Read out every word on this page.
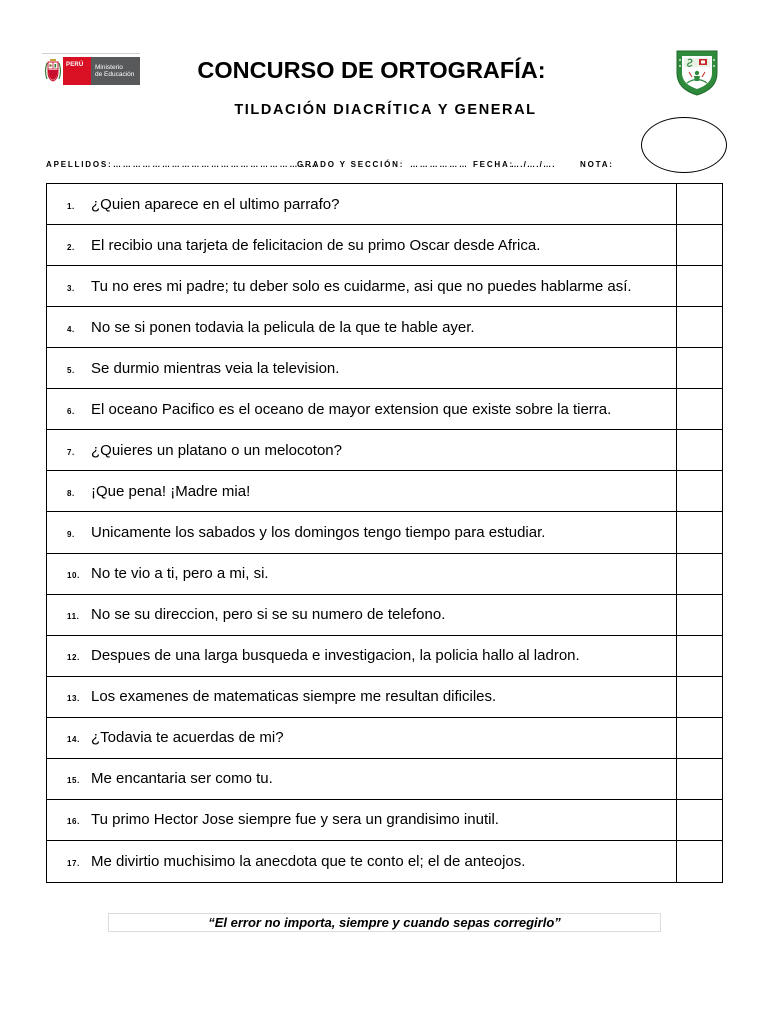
PERÚ Ministerio
de Educación	CONCURSO DE ORTOGRAFÍA:
TILDACIÓN DIACRÍTICA Y GENERAL
APELLIDOS: ………………………………………………………
GRADO Y SECCIÓN: ……………… FECHA:
…./…./….	NOTA:
1.	¿Quien aparece en el ultimo parrafo?
2.	El recibio una tarjeta de felicitacion de su primo Oscar desde Africa.
3.	Tu no eres mi padre; tu deber solo es cuidarme, asi que no puedes hablarme así.
4.	No se si ponen todavia la pelicula de la que te hable ayer.
5.	Se durmio mientras veia la television.
6.	El oceano Pacifico es el oceano de mayor extension que existe sobre la tierra.
7.	¿Quieres un platano o un melocoton?
8.	¡Que pena! ¡Madre mia!
9.	Unicamente los sabados y los domingos tengo tiempo para estudiar.
10. No te vio a ti, pero a mi, si.
11. No se su direccion, pero si se su numero de telefono.
12. Despues de una larga busqueda e investigacion, la policia hallo al ladron.
13. Los examenes de matematicas siempre me resultan dificiles.
14. ¿Todavia te acuerdas de mi?
15. Me encantaria ser como tu.
16. Tu primo Hector Jose siempre fue y sera un grandisimo inutil.
17. Me divirtio muchisimo la anecdota que te conto el; el de anteojos.
“El error no importa, siempre y cuando sepas corregirlo”
